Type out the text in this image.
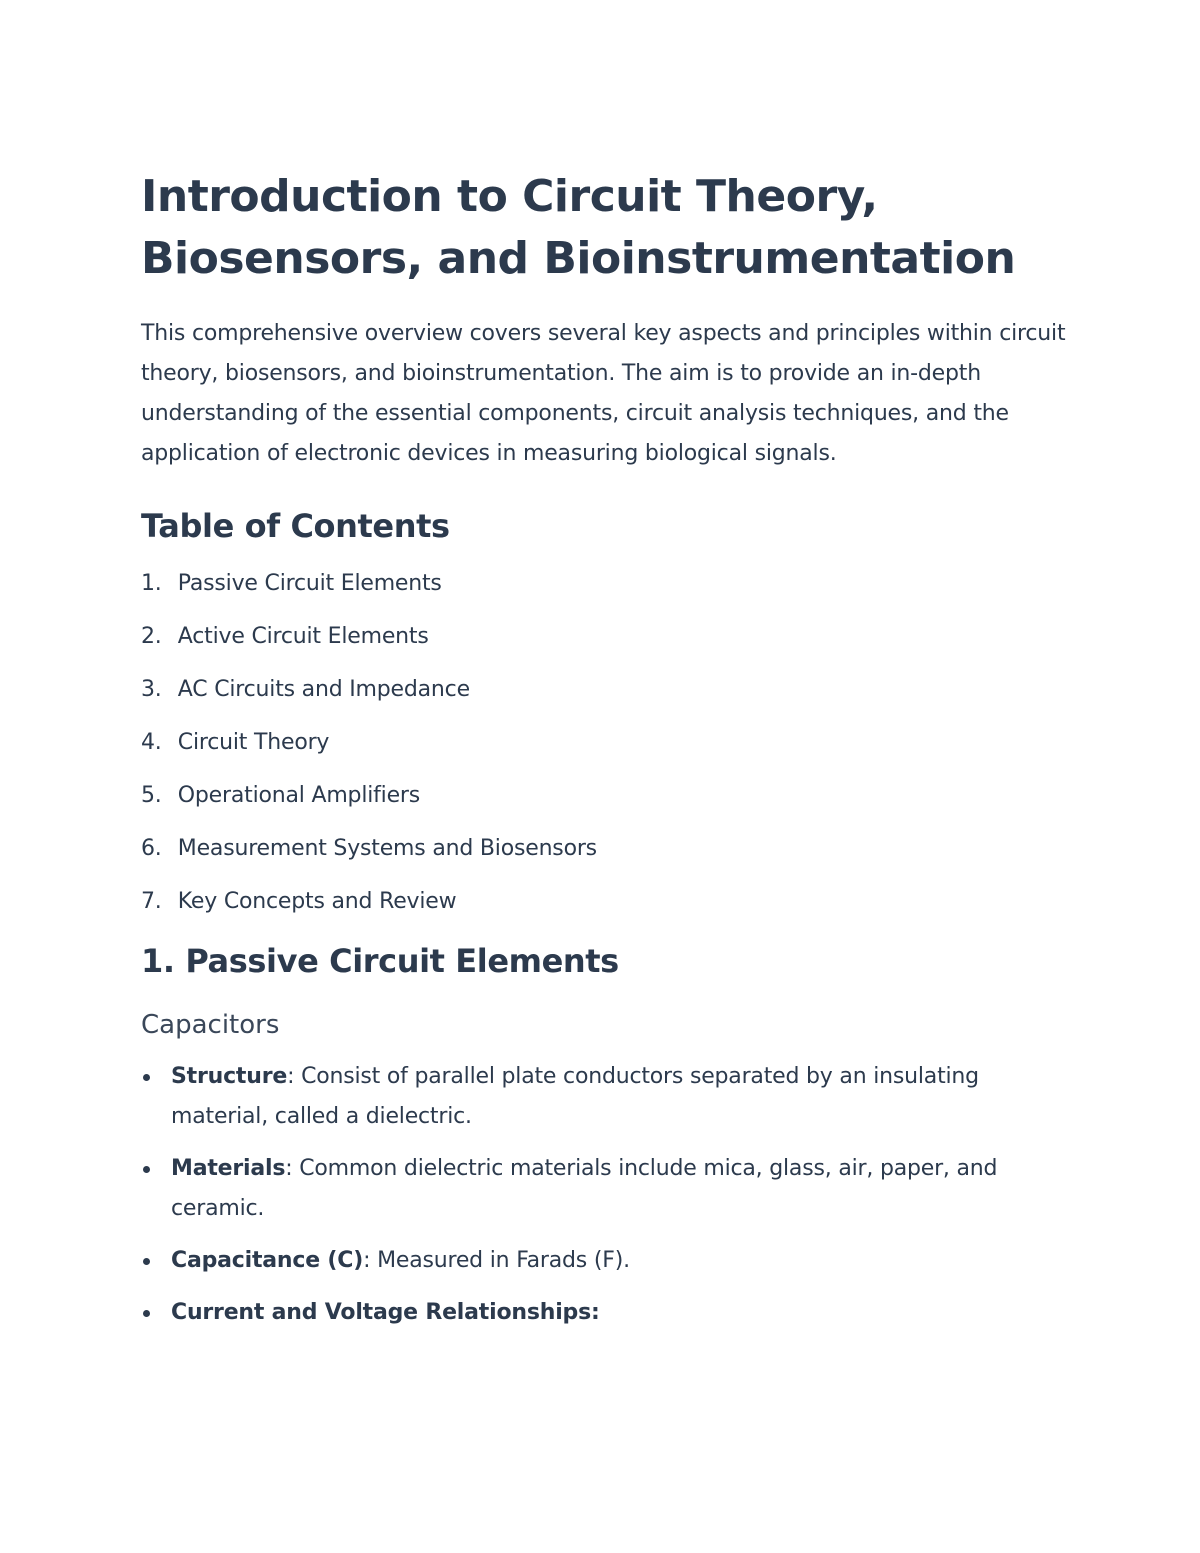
Introduction to Circuit Theory,
Biosensors, and Bioinstrumentation

This comprehensive overview covers several key aspects and principles within circuit theory, biosensors, and bioinstrumentation. The aim is to provide an in-depth understanding of the essential components, circuit analysis techniques, and the application of electronic devices in measuring biological signals.

Table of Contents
1. Passive Circuit Elements
2. Active Circuit Elements
3. AC Circuits and Impedance
4. Circuit Theory
5. Operational Amplifiers
6. Measurement Systems and Biosensors
7. Key Concepts and Review
1. Passive Circuit Elements
Capacitors
Structure: Consist of parallel plate conductors separated by an insulating material, called a dielectric.
Materials: Common dielectric materials include mica, glass, air, paper, and ceramic.
Capacitance (C): Measured in Farads (F).
Current and Voltage Relationships:
